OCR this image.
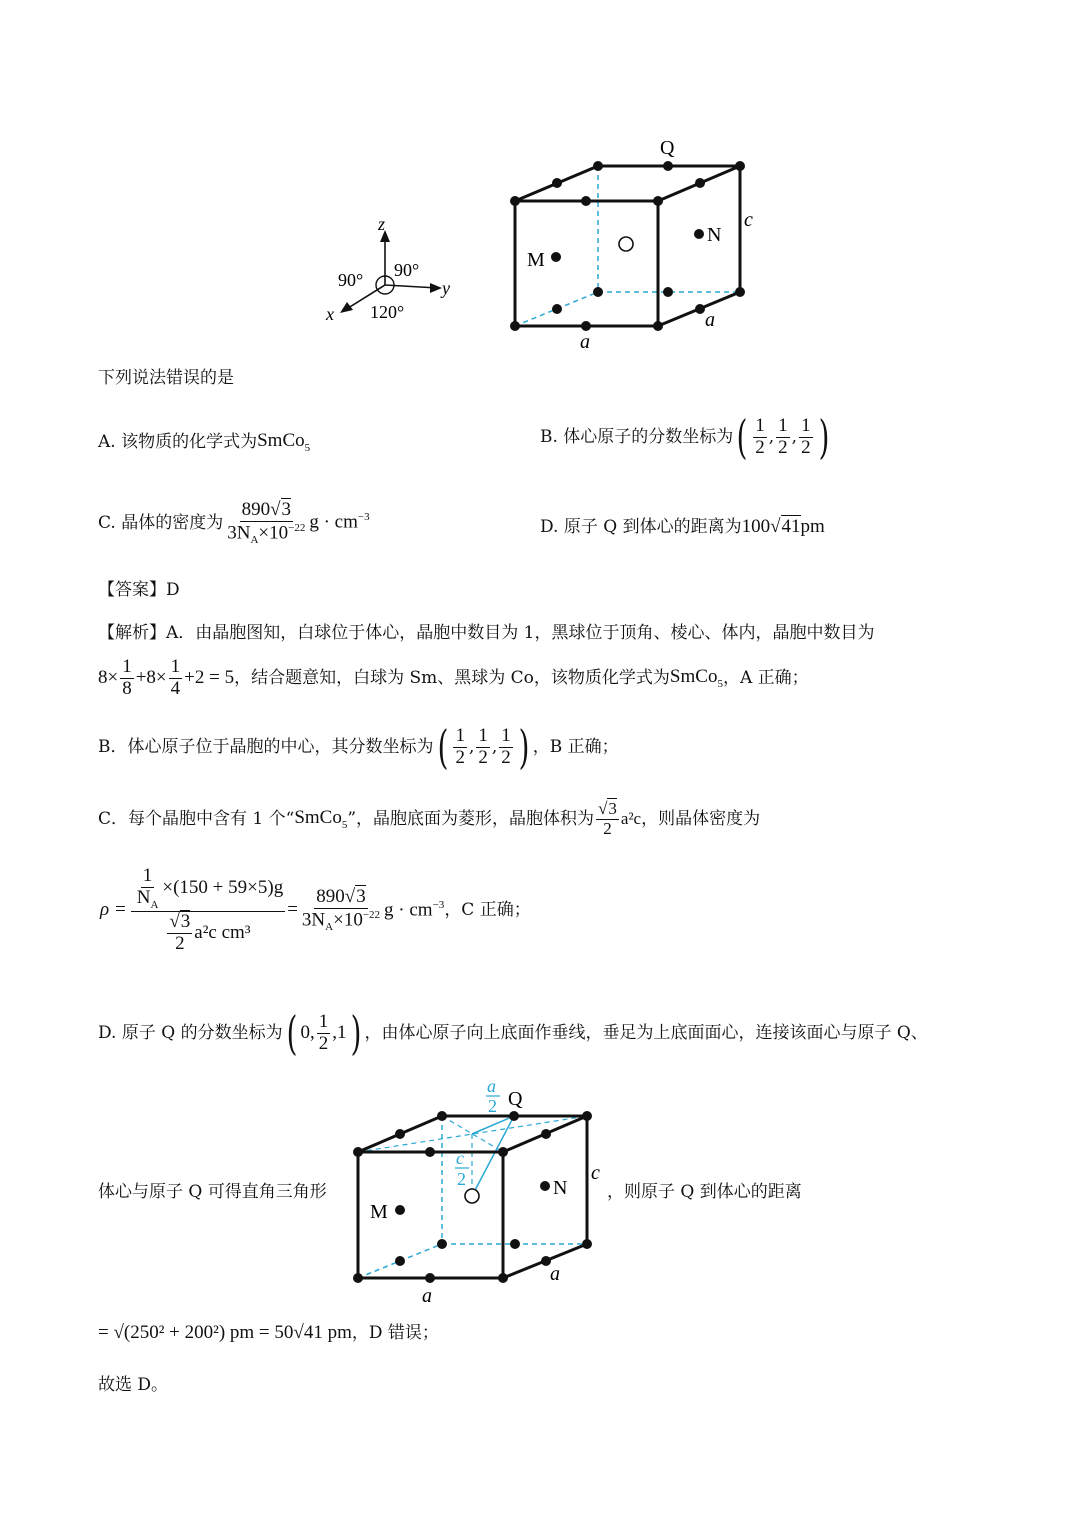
z
y
x
90° 90°
120°
Q
M
N
c
a
a
下列说法错误的是
A. 该物质的化学式为 SmCo$_5$
B. 体心原子的分数坐标为 ( $\frac{1}{2}$ , $\frac{1}{2}$ , $\frac{1}{2}$ )
C. 晶体的密度为 $\frac{890√3}{3N_A\times 10^{-22}}$ $g \cdot cm^{-3}$	D. 原子 Q 到体心的距离为 100√41pm
【答案】D
【解析】A．由晶胞图知，白球位于体心，晶胞中数目为 1，黑球位于顶角、棱心、体内，晶胞中数目为
$8\times \frac{1}{8} +8\times \frac{1}{4} +2 = 5$ ，结合题意知，白球为 Sm、黑球为 Co，该物质化学式为 SmCo$_5$ ，A 正确；
B．体心原子位于晶胞的中心，其分数坐标为 ( $\frac{1}{2}$ , $\frac{1}{2}$ , $\frac{1}{2}$ ) ，B 正确；
C．每个晶胞中含有 1 个“ SmCo$_5$ ”，晶胞底面为菱形，晶胞体积为 $\frac{√3}{2} a^2c$ ，则晶体密度为
$\rho = \frac{\frac{1}{N_A} \times(150 + 59\times 5)g}{\frac{√3}{2} a^2c cm^3} = \frac{890√3}{3N_A\times 10^{-22}}$ $g \cdot cm^{-3}$ ，C 正确；
D. 原子 Q 的分数坐标为 ( 0, $\frac{1}{2} ,1$ ) ，由体心原子向上底面作垂线，垂足为上底面面心，连接该面心与原子 Q、
体心与原子 Q 可得直角三角形	，则原子 Q 到体心的距离
Q
M
N
c
a
a
a
2
c
2
= √(250² + 200²) pm = 50√41 pm ，D 错误；
故选 D。
